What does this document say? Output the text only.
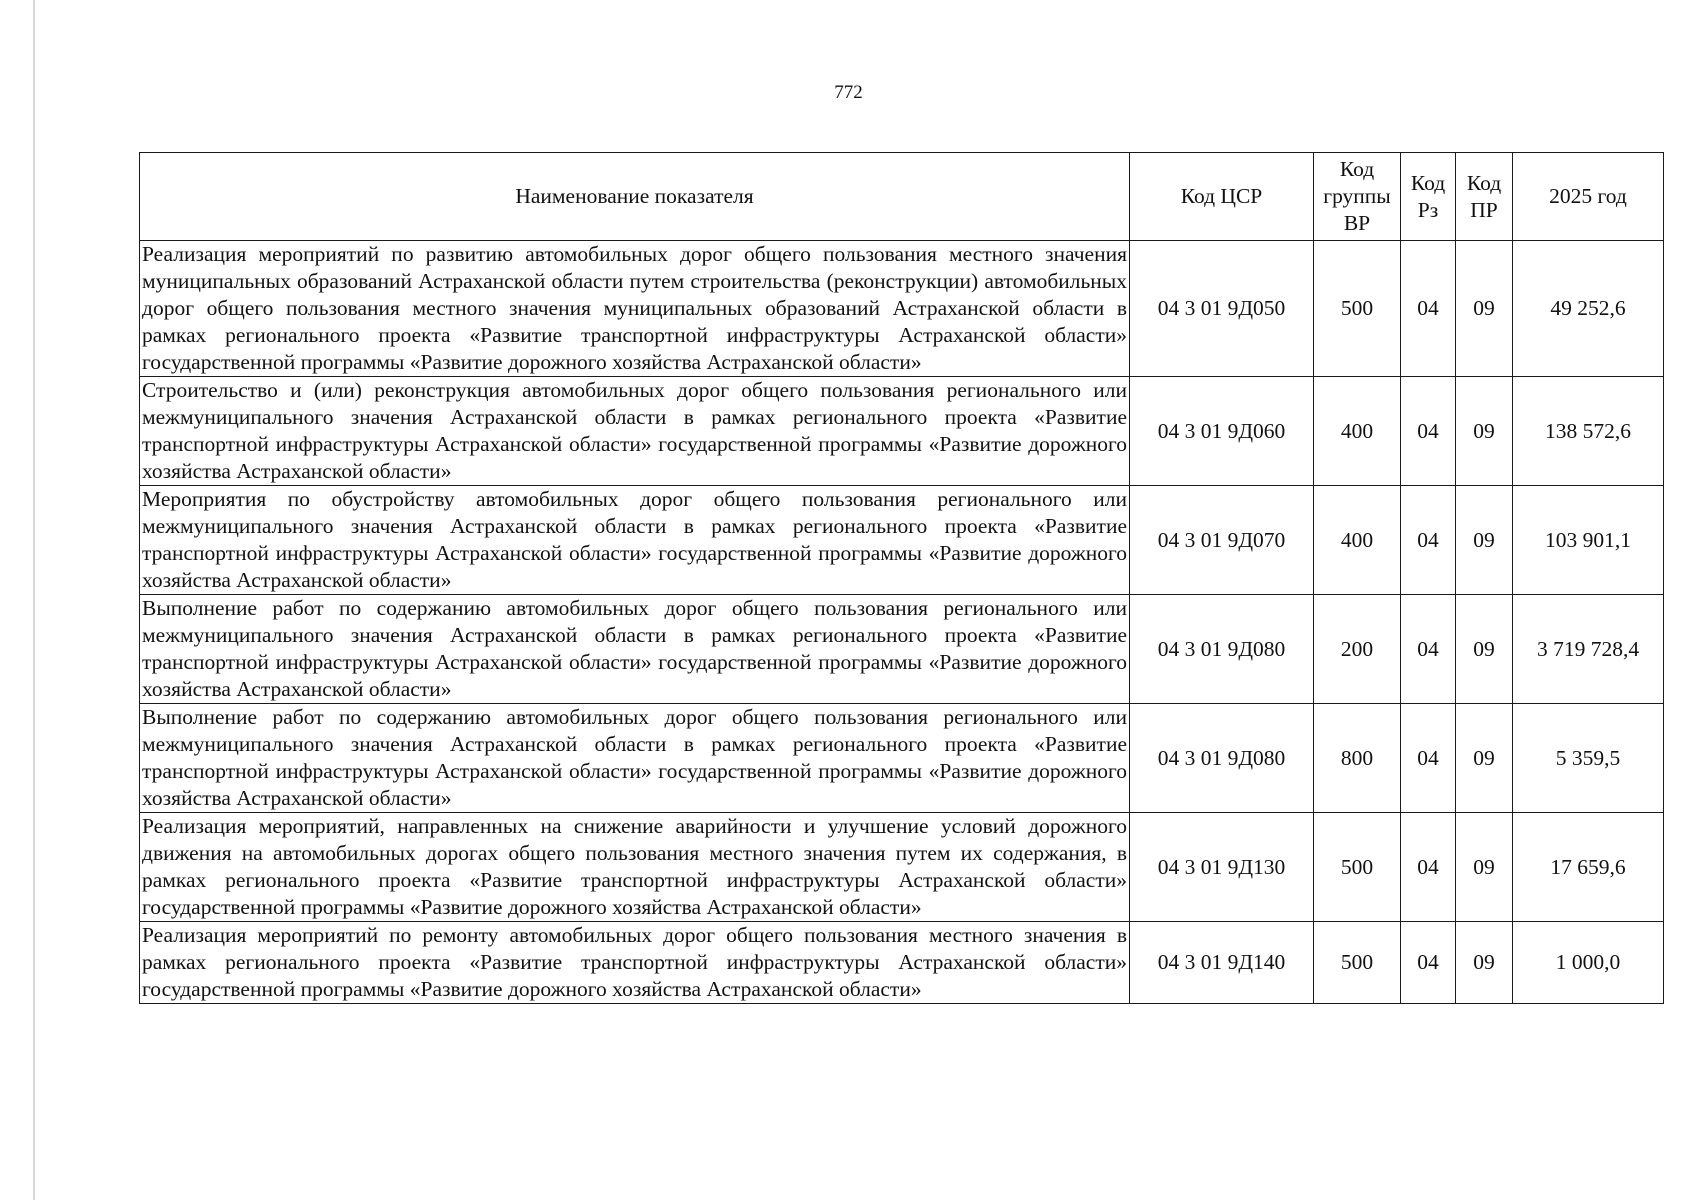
772
Наименование показателя	Код ЦСР	Код группы ВР	Код Рз	Код ПР	2025 год
Реализация мероприятий по развитию автомобильных дорог общего пользования местного значения муниципальных образований Астраханской области путем строительства (реконструкции) автомобильных дорог общего пользования местного значения муниципальных образований Астраханской области в рамках регионального проекта «Развитие транспортной инфраструктуры Астраханской области» государственной программы «Развитие дорожного хозяйства Астраханской области»	04 3 01 9Д050	500	04	09	49 252,6
Строительство и (или) реконструкция автомобильных дорог общего пользования регионального или межмуниципального значения Астраханской области в рамках регионального проекта «Развитие транспортной инфраструктуры Астраханской области» государственной программы «Развитие дорожного хозяйства Астраханской области»	04 3 01 9Д060	400	04	09	138 572,6
Мероприятия по обустройству автомобильных дорог общего пользования регионального или межмуниципального значения Астраханской области в рамках регионального проекта «Развитие транспортной инфраструктуры Астраханской области» государственной программы «Развитие дорожного хозяйства Астраханской области»	04 3 01 9Д070	400	04	09	103 901,1
Выполнение работ по содержанию автомобильных дорог общего пользования регионального или межмуниципального значения Астраханской области в рамках регионального проекта «Развитие транспортной инфраструктуры Астраханской области» государственной программы «Развитие дорожного хозяйства Астраханской области»	04 3 01 9Д080	200	04	09	3 719 728,4
Выполнение работ по содержанию автомобильных дорог общего пользования регионального или межмуниципального значения Астраханской области в рамках регионального проекта «Развитие транспортной инфраструктуры Астраханской области» государственной программы «Развитие дорожного хозяйства Астраханской области»	04 3 01 9Д080	800	04	09	5 359,5
Реализация мероприятий, направленных на снижение аварийности и улучшение условий дорожного движения на автомобильных дорогах общего пользования местного значения путем их содержания, в рамках регионального проекта «Развитие транспортной инфраструктуры Астраханской области» государственной программы «Развитие дорожного хозяйства Астраханской области»	04 3 01 9Д130	500	04	09	17 659,6
Реализация мероприятий по ремонту автомобильных дорог общего пользования местного значения в рамках регионального проекта «Развитие транспортной инфраструктуры Астраханской области» государственной программы «Развитие дорожного хозяйства Астраханской области»	04 3 01 9Д140	500	04	09	1 000,0
